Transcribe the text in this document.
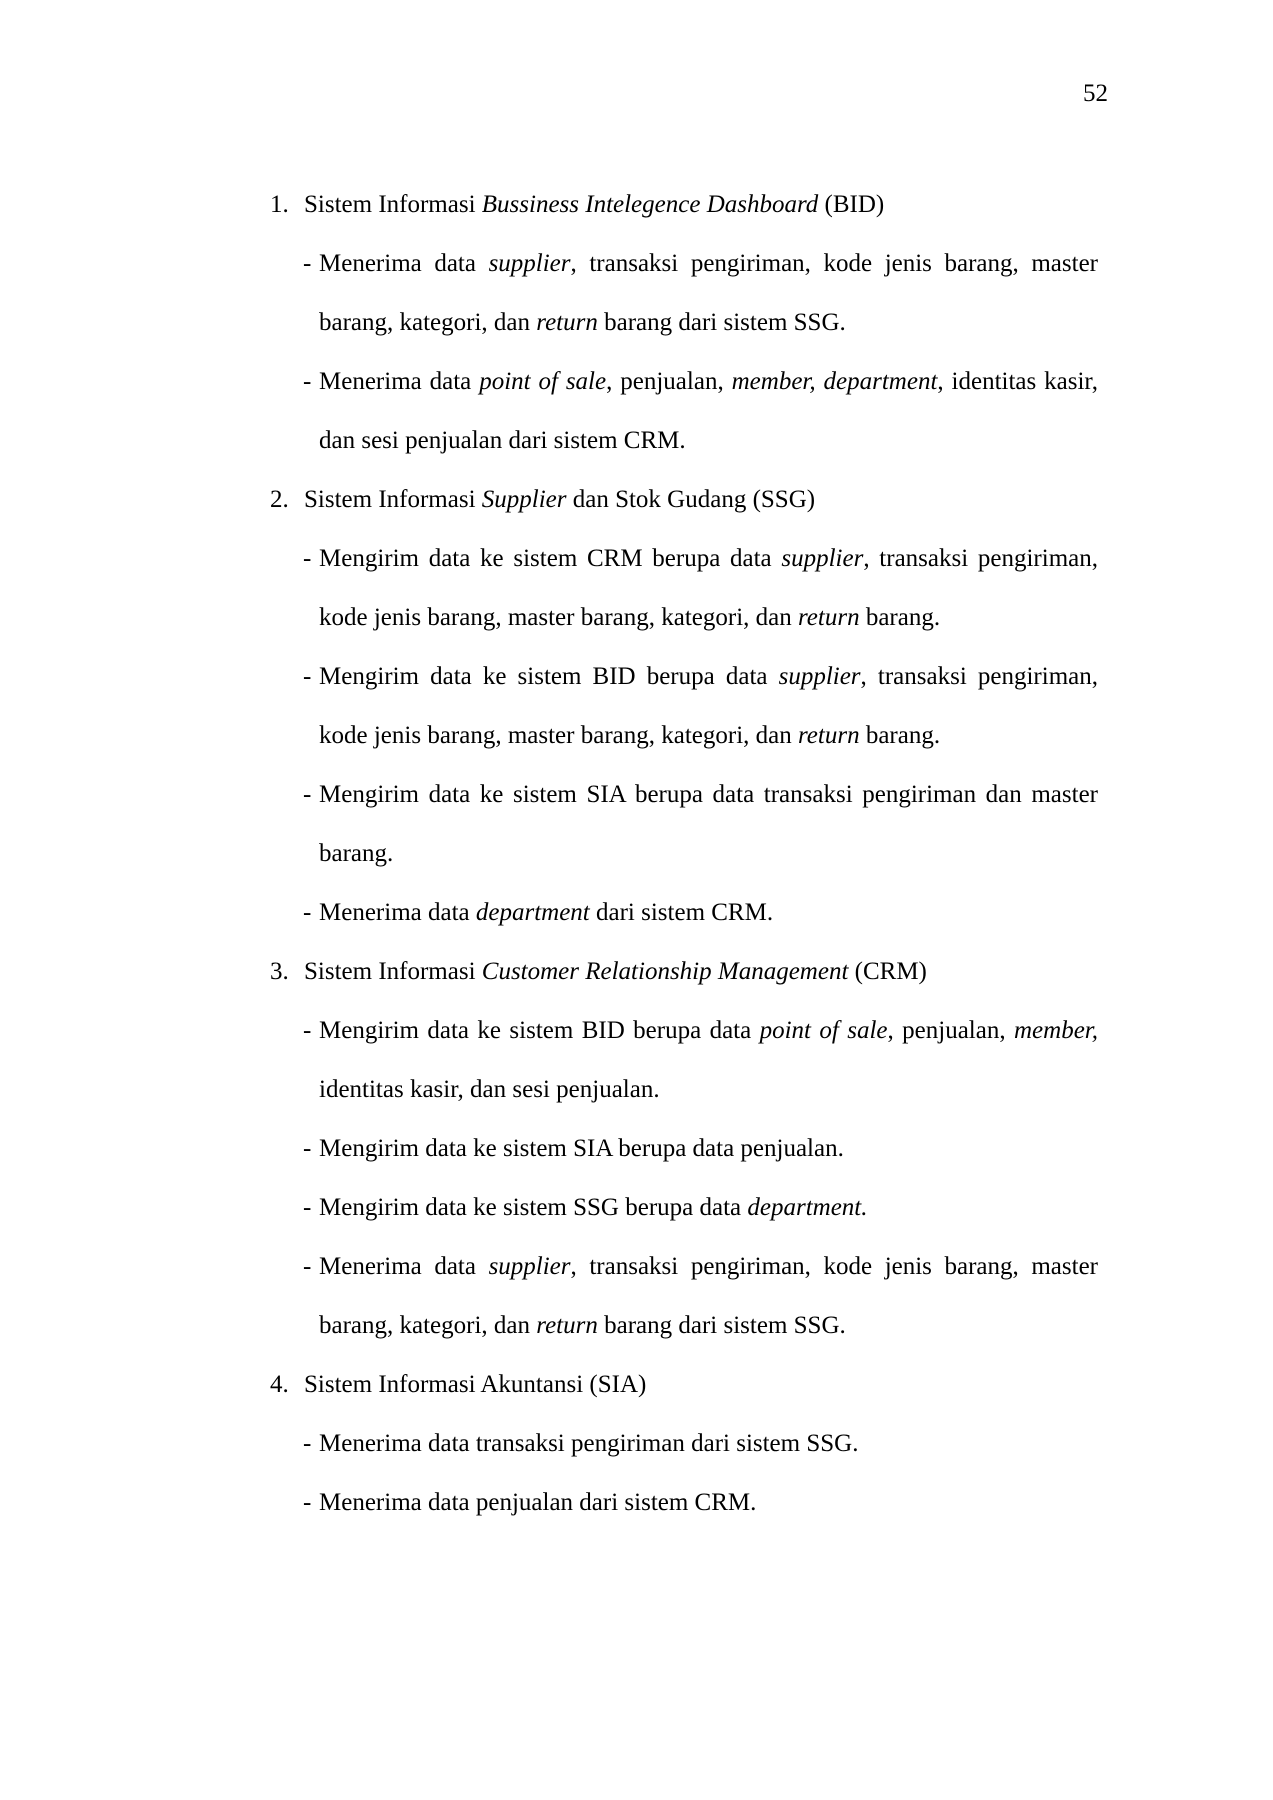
52
1. Sistem Informasi Bussiness Intelegence Dashboard (BID)
- Menerima data supplier, transaksi pengiriman, kode jenis barang, master barang, kategori, dan return barang dari sistem SSG.
- Menerima data point of sale, penjualan, member, department, identitas kasir, dan sesi penjualan dari sistem CRM.
2. Sistem Informasi Supplier dan Stok Gudang (SSG)
- Mengirim data ke sistem CRM berupa data supplier, transaksi pengiriman, kode jenis barang, master barang, kategori, dan return barang.
- Mengirim data ke sistem BID berupa data supplier, transaksi pengiriman, kode jenis barang, master barang, kategori, dan return barang.
- Mengirim data ke sistem SIA berupa data transaksi pengiriman dan master barang.
- Menerima data department dari sistem CRM.
3. Sistem Informasi Customer Relationship Management (CRM)
- Mengirim data ke sistem BID berupa data point of sale, penjualan, member, identitas kasir, dan sesi penjualan.
- Mengirim data ke sistem SIA berupa data penjualan.
- Mengirim data ke sistem SSG berupa data department.
- Menerima data supplier, transaksi pengiriman, kode jenis barang, master barang, kategori, dan return barang dari sistem SSG.
4. Sistem Informasi Akuntansi (SIA)
- Menerima data transaksi pengiriman dari sistem SSG.
- Menerima data penjualan dari sistem CRM.
